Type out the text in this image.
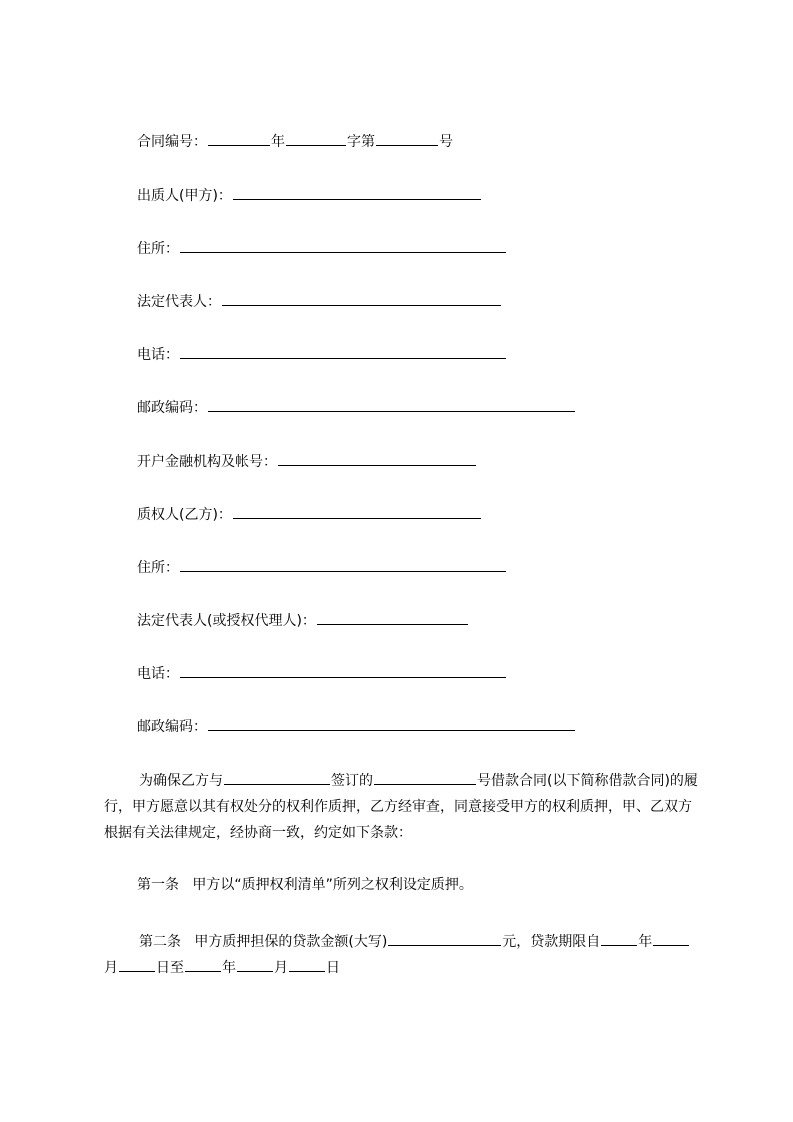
合同编号：	年	字第	号
出质人(甲方)：
住所：
法定代表人：
电话：
邮政编码：
开户金融机构及帐号：
质权人(乙方)：
住所：
法定代表人(或授权代理人)：
电话：
邮政编码：
为确保乙方与	签订的	号借款合同(以下简称借款合同)的履行，甲方愿意以其有权处分的权利作质押，乙方经审查，同意接受甲方的权利质押，甲、乙双方根据有关法律规定，经协商一致，约定如下条款：
第一条 甲方以“质押权利清单”所列之权利设定质押。
第二条 甲方质押担保的贷款金额(大写)	元，贷款期限自	年月	日至	年	月	日
